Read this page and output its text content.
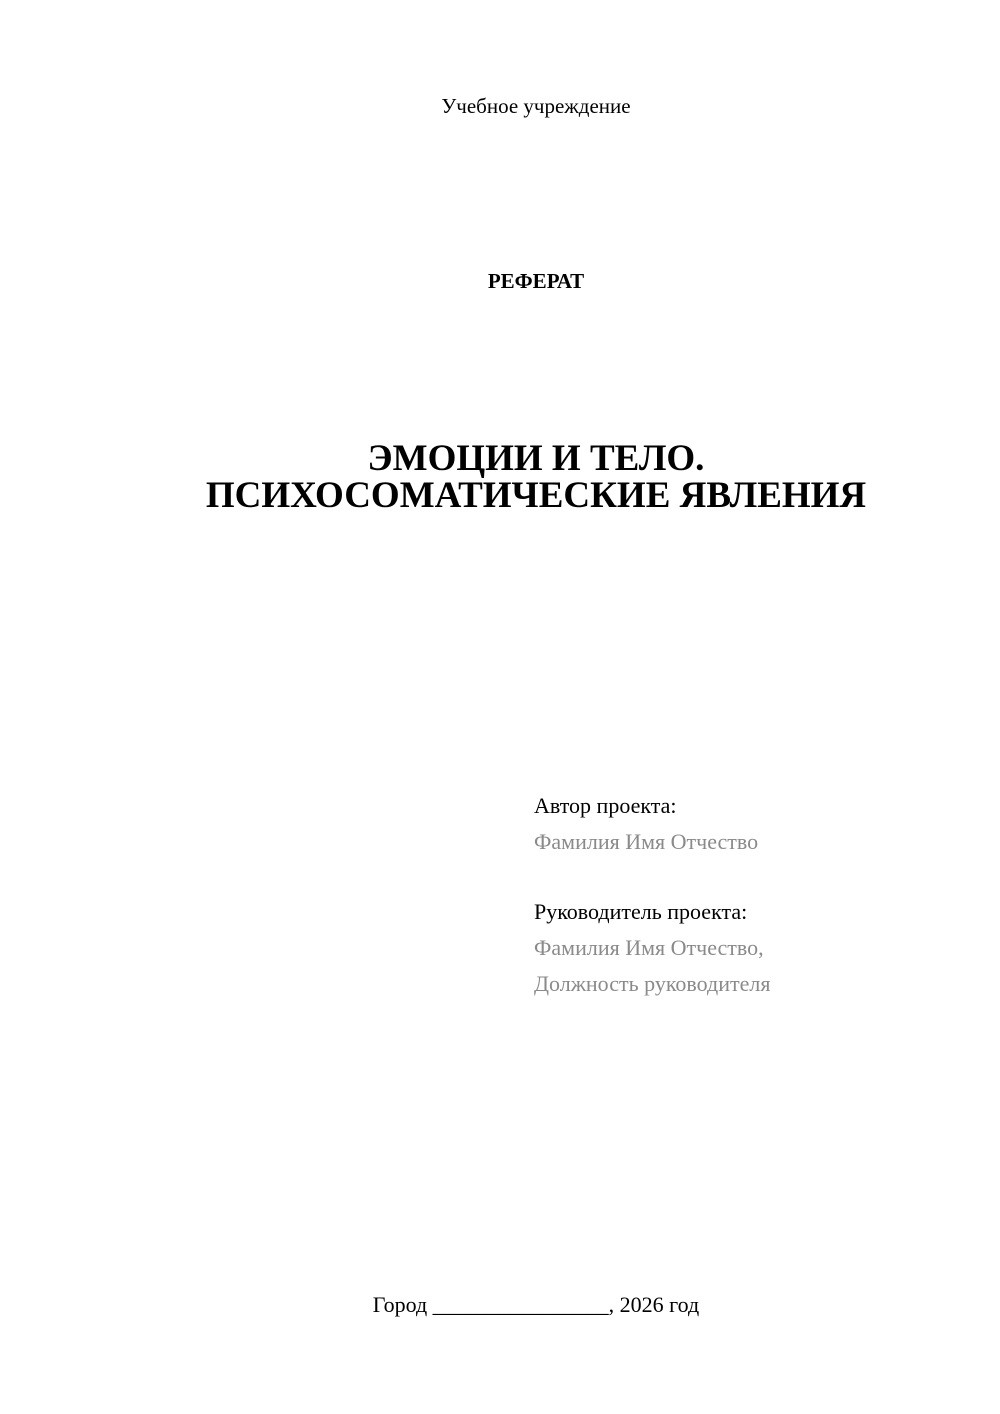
Учебное учреждение
РЕФЕРАТ
ЭМОЦИИ И ТЕЛО.
ПСИХОСОМАТИЧЕСКИЕ ЯВЛЕНИЯ
Автор проекта:
Фамилия Имя Отчество
Руководитель проекта:
Фамилия Имя Отчество,
Должность руководителя
Город ________________, 2026 год
